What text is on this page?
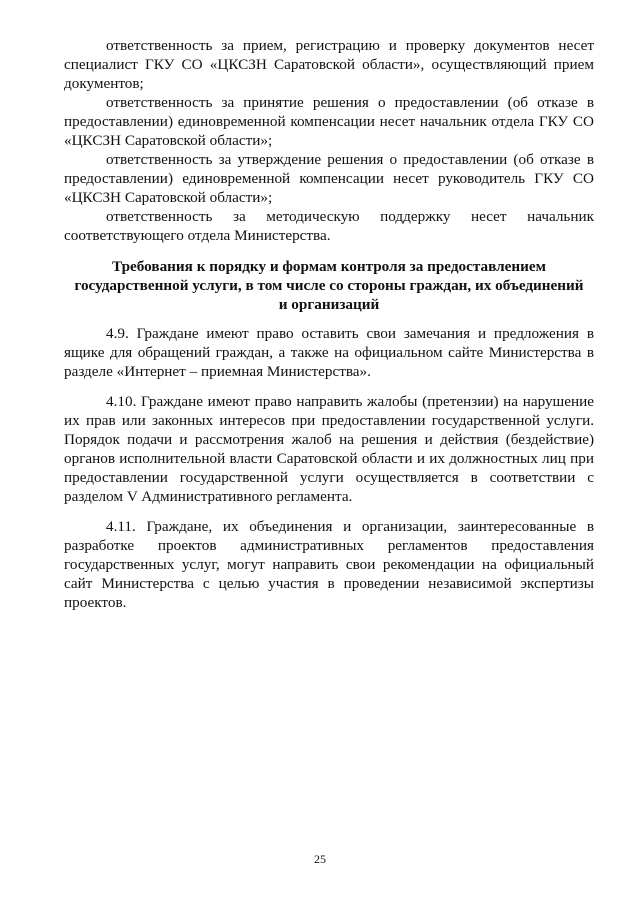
ответственность за прием, регистрацию и проверку документов несет специалист ГКУ СО «ЦКСЗН Саратовской области», осуществляющий прием документов;

ответственность за принятие решения о предоставлении (об отказе в предоставлении) единовременной компенсации несет начальник отдела ГКУ СО «ЦКСЗН Саратовской области»;

ответственность за утверждение решения о предоставлении (об отказе в предоставлении) единовременной компенсации несет руководитель ГКУ СО «ЦКСЗН Саратовской области»;

ответственность за методическую поддержку несет начальник соответствующего отдела Министерства.

Требования к порядку и формам контроля за предоставлением
государственной услуги, в том числе со стороны граждан, их объединений
и организаций

4.9. Граждане имеют право оставить свои замечания и предложения в ящике для обращений граждан, а также на официальном сайте Министерства в разделе «Интернет – приемная Министерства».

4.10. Граждане имеют право направить жалобы (претензии) на нарушение их прав или законных интересов при предоставлении государственной услуги. Порядок подачи и рассмотрения жалоб на решения и действия (бездействие) органов исполнительной власти Саратовской области и их должностных лиц при предоставлении государственной услуги осуществляется в соответствии с разделом V Административного регламента.

4.11. Граждане, их объединения и организации, заинтересованные в разработке проектов административных регламентов предоставления государственных услуг, могут направить свои рекомендации на официальный сайт Министерства с целью участия в проведении независимой экспертизы проектов.

25
